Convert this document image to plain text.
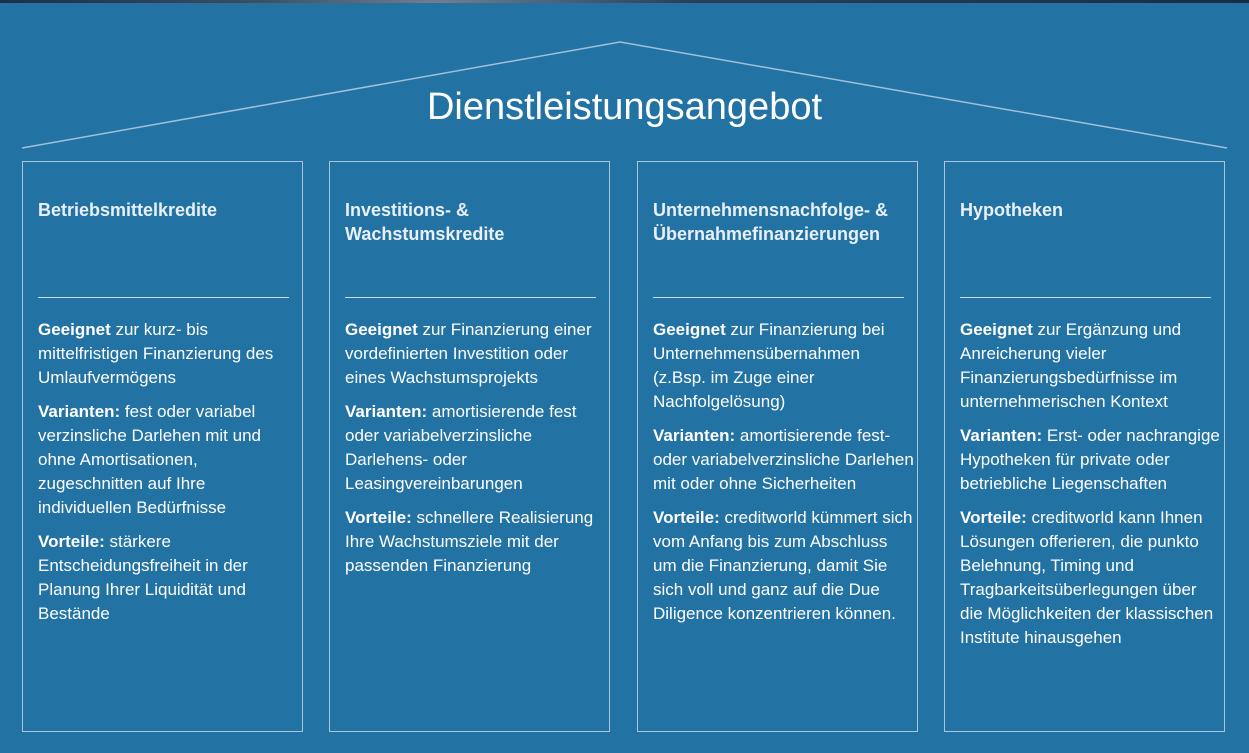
Dienstleistungsangebot
Betriebsmittelkredite

Geeignet zur kurz- bis mittelfristigen Finanzierung des Umlaufvermögens

Varianten: fest oder variabel verzinsliche Darlehen mit und ohne Amortisationen, zugeschnitten auf Ihre individuellen Bedürfnisse

Vorteile: stärkere Entscheidungsfreiheit in der Planung Ihrer Liquidität und Bestände

Investitions- & Wachstumskredite

Geeignet zur Finanzierung einer vordefinierten Investition oder eines Wachstumsprojekts

Varianten: amortisierende fest oder variabelverzinsliche Darlehens- oder Leasingvereinbarungen

Vorteile: schnellere Realisierung Ihre Wachstumsziele mit der passenden Finanzierung

Unternehmensnachfolge- & Übernahmefinanzierungen

Geeignet zur Finanzierung bei Unternehmensübernahmen (z.Bsp. im Zuge einer Nachfolgelösung)

Varianten: amortisierende fest- oder variabelverzinsliche Darlehen mit oder ohne Sicherheiten

Vorteile: creditworld kümmert sich vom Anfang bis zum Abschluss um die Finanzierung, damit Sie sich voll und ganz auf die Due Diligence konzentrieren können.

Hypotheken

Geeignet zur Ergänzung und Anreicherung vieler Finanzierungsbedürfnisse im unternehmerischen Kontext

Varianten: Erst- oder nachrangige Hypotheken für private oder betriebliche Liegenschaften

Vorteile: creditworld kann Ihnen Lösungen offerieren, die punkto Belehnung, Timing und Tragbarkeitsüberlegungen über die Möglichkeiten der klassischen Institute hinausgehen
